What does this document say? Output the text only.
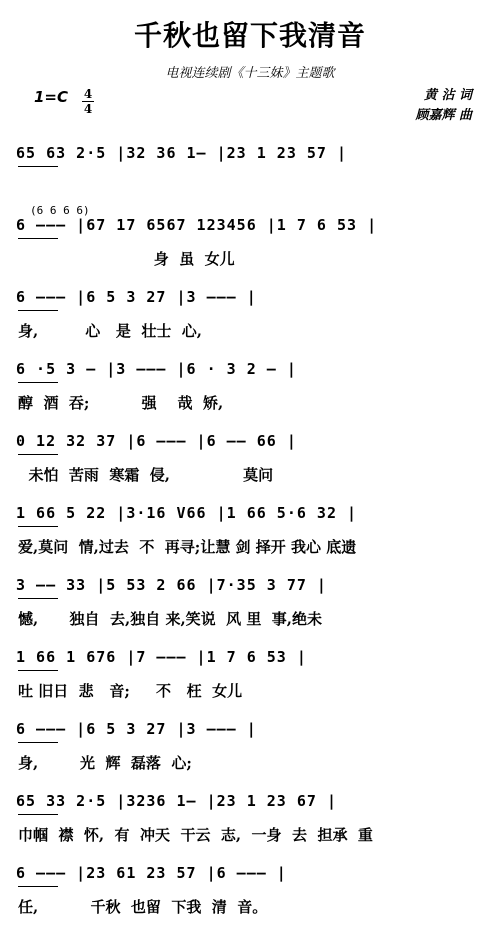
千秋也留下我清音
电视连续剧《十三妹》主题歌
1=C 4
4
黄 沾 词
顾嘉辉 曲
65 63 2·5 |32 36 1— |23 1 23 57 |
(6 6 6 6)
6 ——— |67 17 6567 123456 |1 7 6 53 |
身  虽  女儿
6 ——— |6 5 3 27 |3 ——— |
身,         心   是  壮士  心,
6 ·5 3 — |3 ——— |6 · 3 2 — |
醇  酒  吞;          强    哉  矫,
0 12 32 37 |6 ——— |6 —— 66 |
未怕  苦雨  寒霜  侵,              莫问
1 66 5 22 |3·16 V66 |1 66 5·6 32 |
爱,莫问  情,过去  不  再寻;让慧 剑 择开 我心 底遗
3 —— 33 |5 53 2 66 |7·35 3 77 |
憾,      独自  去,独自 来,笑说  风 里  事,绝未
1 66 1 676 |7 ——— |1 7 6 53 |
吐 旧日  悲   音;     不   枉  女儿
6 ——— |6 5 3 27 |3 ——— |
身,        光  辉  磊落  心;
65 33 2·5 |3236 1— |23 1 23 67 |
巾帼  襟  怀,  有  冲天  干云  志,  一身  去  担承  重
6 ——— |23 61 23 57 |6 ——— |
任,          千秋  也留  下我  清  音。
